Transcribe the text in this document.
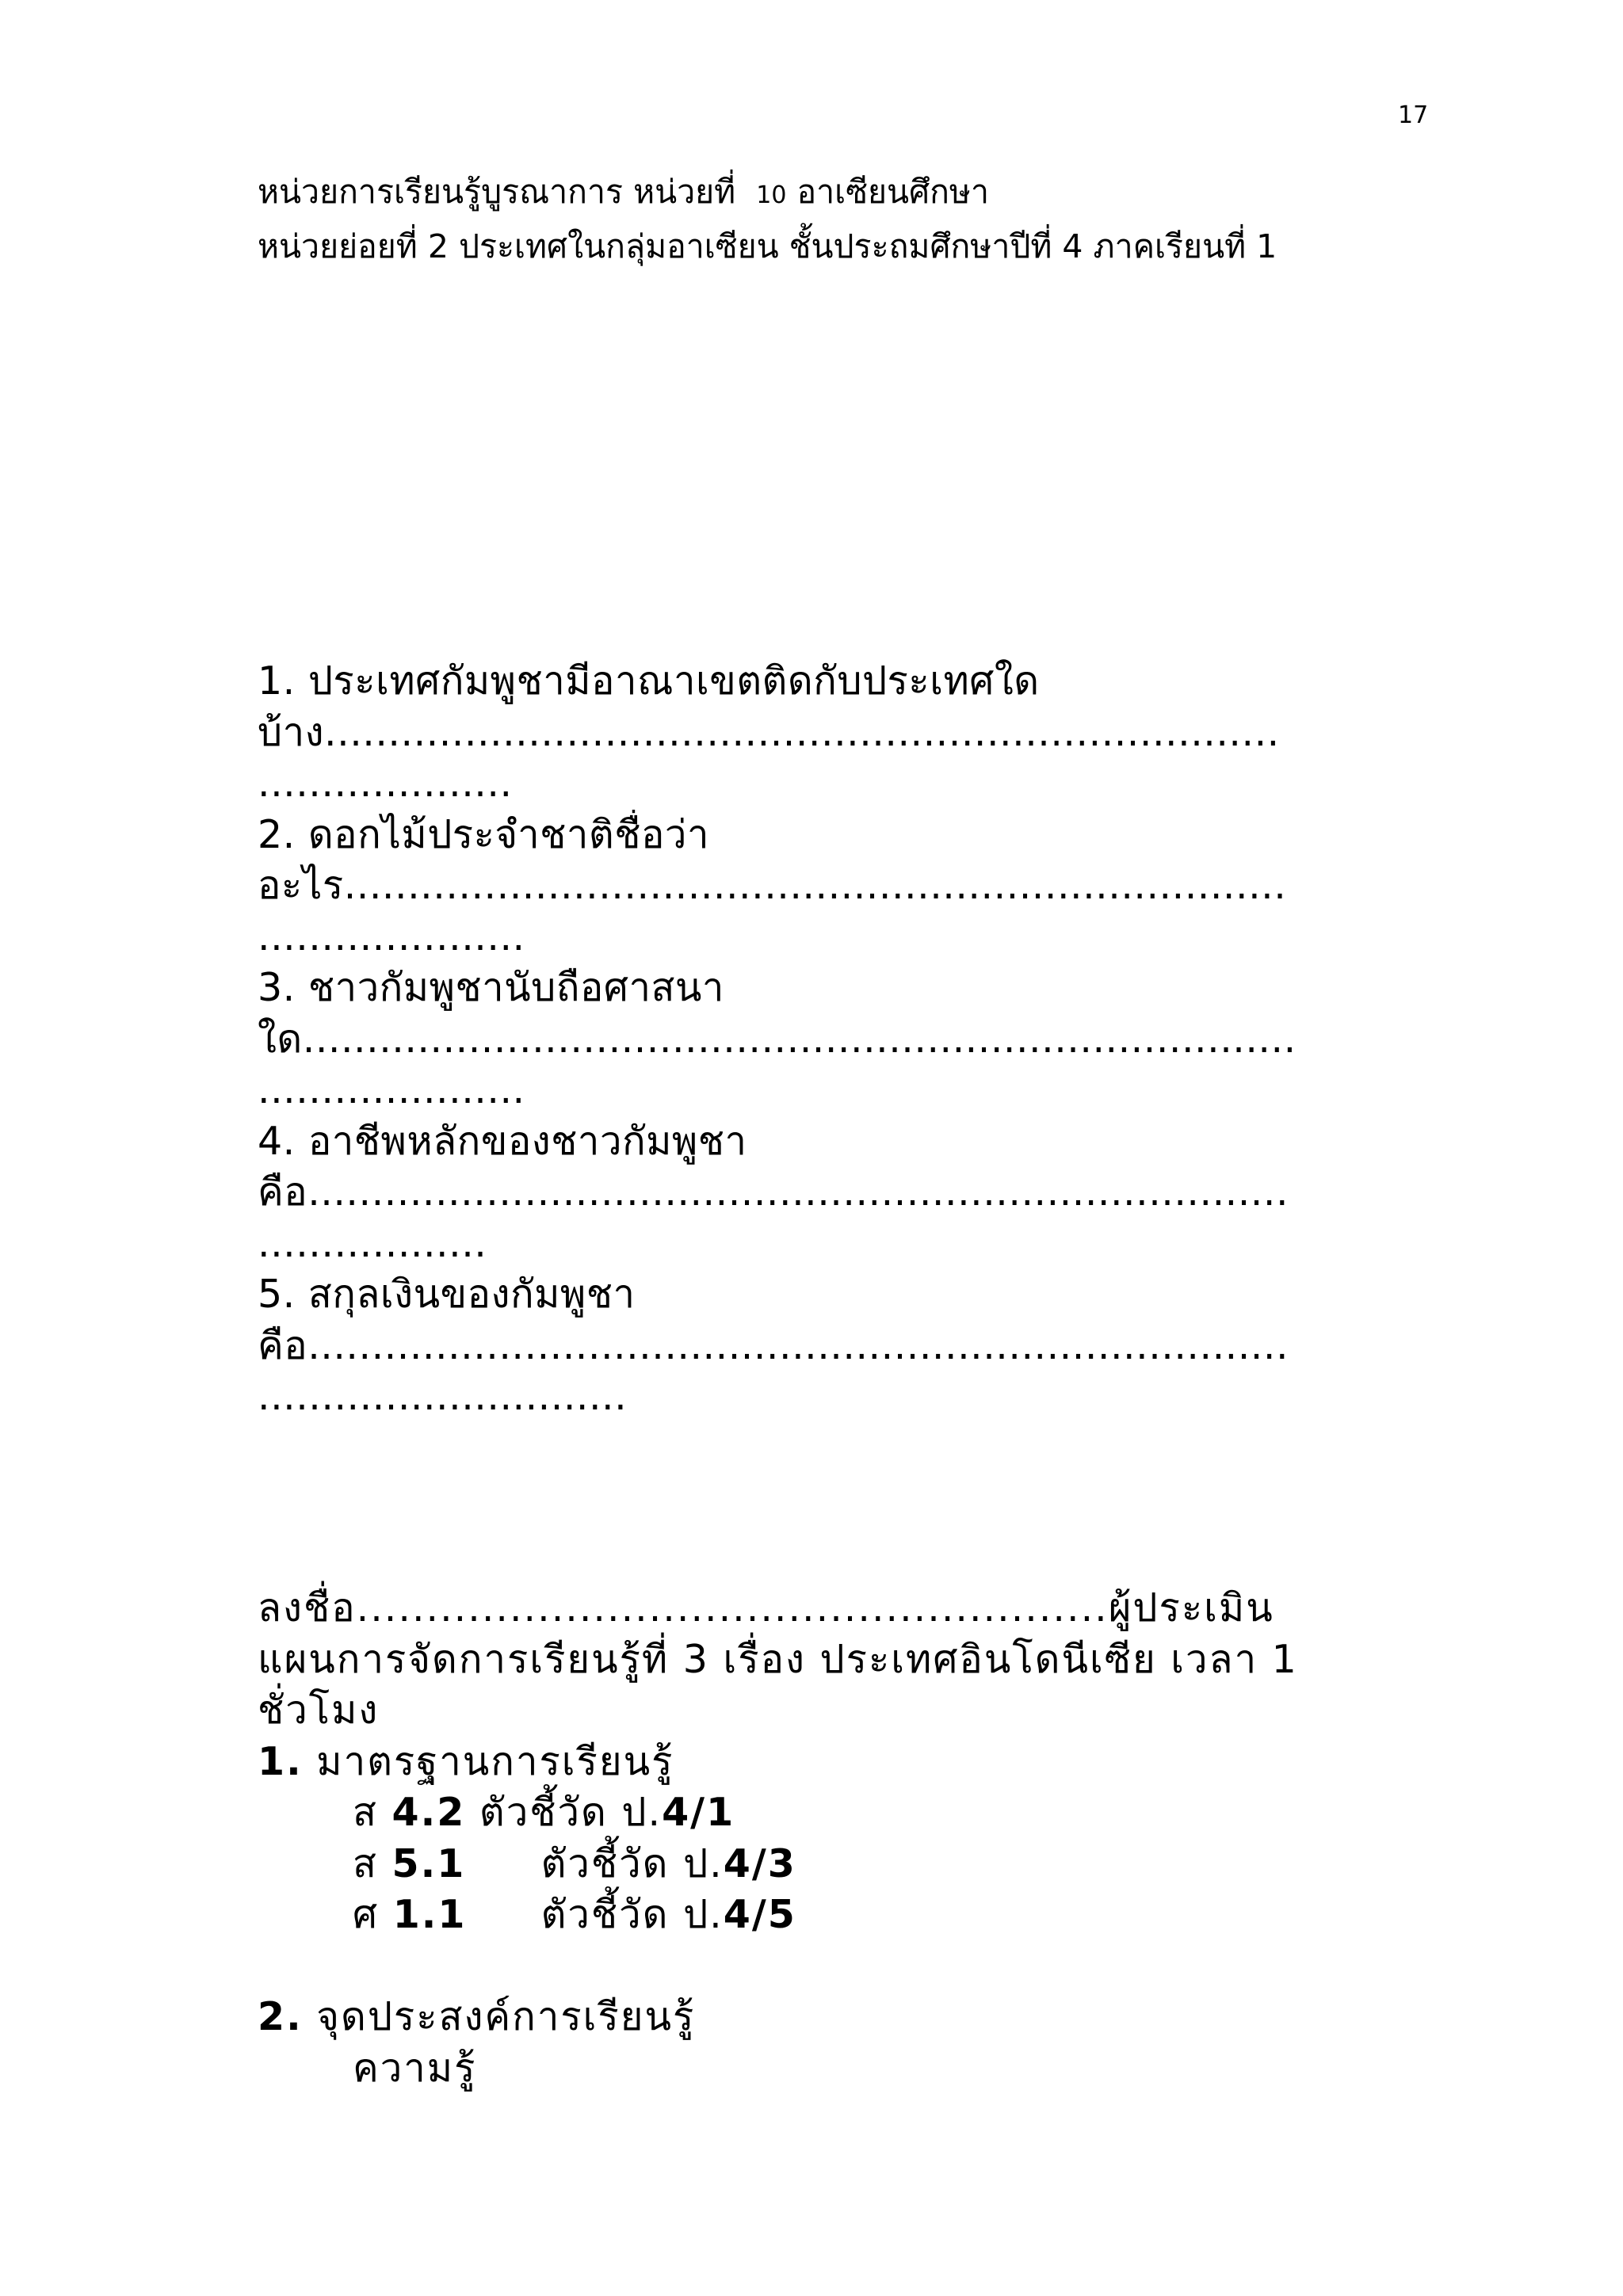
17
หน่วยการเรียนรู้บูรณาการ หน่วยที่ 10 อาเซียนศึกษา
หน่วยย่อยที่ 2 ประเทศในกลุ่มอาเซียน ชั้นประถมศึกษาปีที่ 4 ภาคเรียนที่ 1
1. ประเทศกัมพูชามีอาณาเขตติดกับประเทศใด
บ้าง...........................................................................
....................
2. ดอกไม้ประจำชาติชื่อว่า
อะไร..........................................................................
.....................
3. ชาวกัมพูชานับถือศาสนา
ใด..............................................................................
.....................
4. อาชีพหลักของชาวกัมพูชา
คือ.............................................................................
..................
5. สกุลเงินของกัมพูชา
คือ.............................................................................
.............................
ลงชื่อ......................................................ผู้ประเมิน
แผนการจัดการเรียนรู้ที่ 3 เรื่อง ประเทศอินโดนีเซีย เวลา 1
ชั่วโมง
1. มาตรฐานการเรียนรู้
ส 4.2 ตัวชี้วัด ป.4/1
ส 5.1 ตัวชี้วัด ป.4/3
ศ 1.1 ตัวชี้วัด ป.4/5
2. จุดประสงค์การเรียนรู้
ความรู้
